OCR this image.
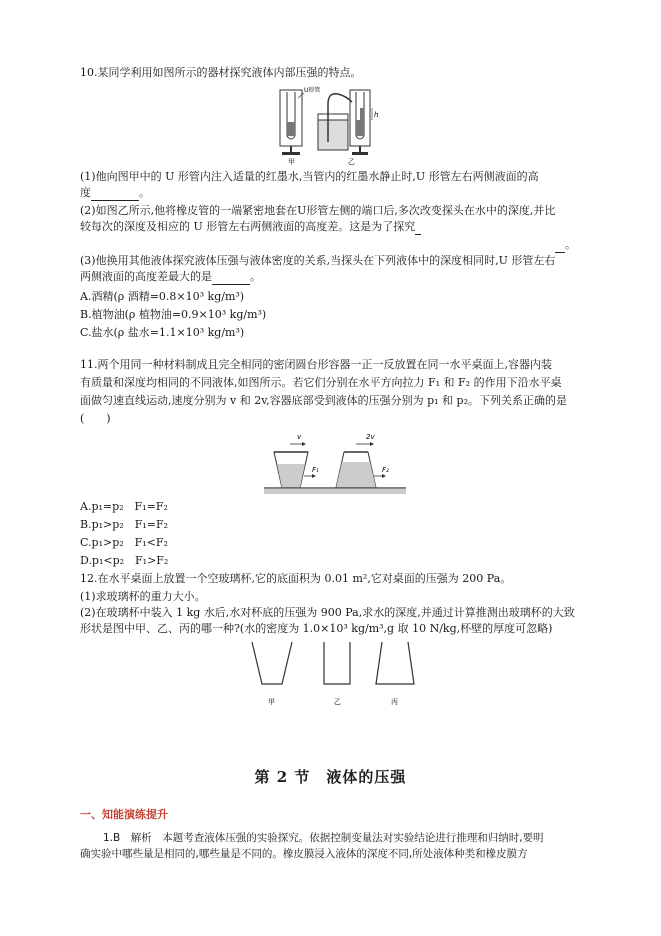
10.某同学利用如图所示的器材探究液体内部压强的特点。
甲
U形管
h
乙
(1)他向图甲中的 U 形管内注入适量的红墨水,当管内的红墨水静止时,U 形管左右两侧液面的高
度	。
(2)如图乙所示,他将橡皮管的一端紧密地套在U形管左侧的端口后,多次改变探头在水中的深度,并比
较每次的深度及相应的 U 形管左右两侧液面的高度差。这是为了探究
。
(3)他换用其他液体探究液体压强与液体密度的关系,当探头在下列液体中的深度相同时,U 形管左右
两侧液面的高度差最大的是	。
A.酒精(ρ 酒精=0.8×10³ kg/m³)
B.植物油(ρ 植物油=0.9×10³ kg/m³)
C.盐水(ρ 盐水=1.1×10³ kg/m³)
11.两个用同一种材料制成且完全相同的密闭圆台形容器一正一反放置在同一水平桌面上,容器内装
有质量和深度均相同的不同液体,如图所示。若它们分别在水平方向拉力 F₁ 和 F₂ 的作用下沿水平桌
面做匀速直线运动,速度分别为 v 和 2v,容器底部受到液体的压强分别为 p₁ 和 p₂。下列关系正确的是
(　　)
v
F₁
2v
F₂
A.p₁=p₂　F₁=F₂
B.p₁>p₂　F₁=F₂
C.p₁>p₂　F₁<F₂
D.p₁<p₂　F₁>F₂
12.在水平桌面上放置一个空玻璃杯,它的底面积为 0.01 m²,它对桌面的压强为 200 Pa。
(1)求玻璃杯的重力大小。
(2)在玻璃杯中装入 1 kg 水后,水对杯底的压强为 900 Pa,求水的深度,并通过计算推测出玻璃杯的大致
形状是图中甲、乙、丙的哪一种?(水的密度为 1.0×10³ kg/m³,g 取 10 N/kg,杯壁的厚度可忽略)
甲	乙	丙
第 2 节　液体的压强
一、知能演练提升
1.B　解析　本题考查液体压强的实验探究。依据控制变量法对实验结论进行推理和归纳时,要明
确实验中哪些量是相同的,哪些量是不同的。橡皮膜浸入液体的深度不同,所处液体种类和橡皮膜方
